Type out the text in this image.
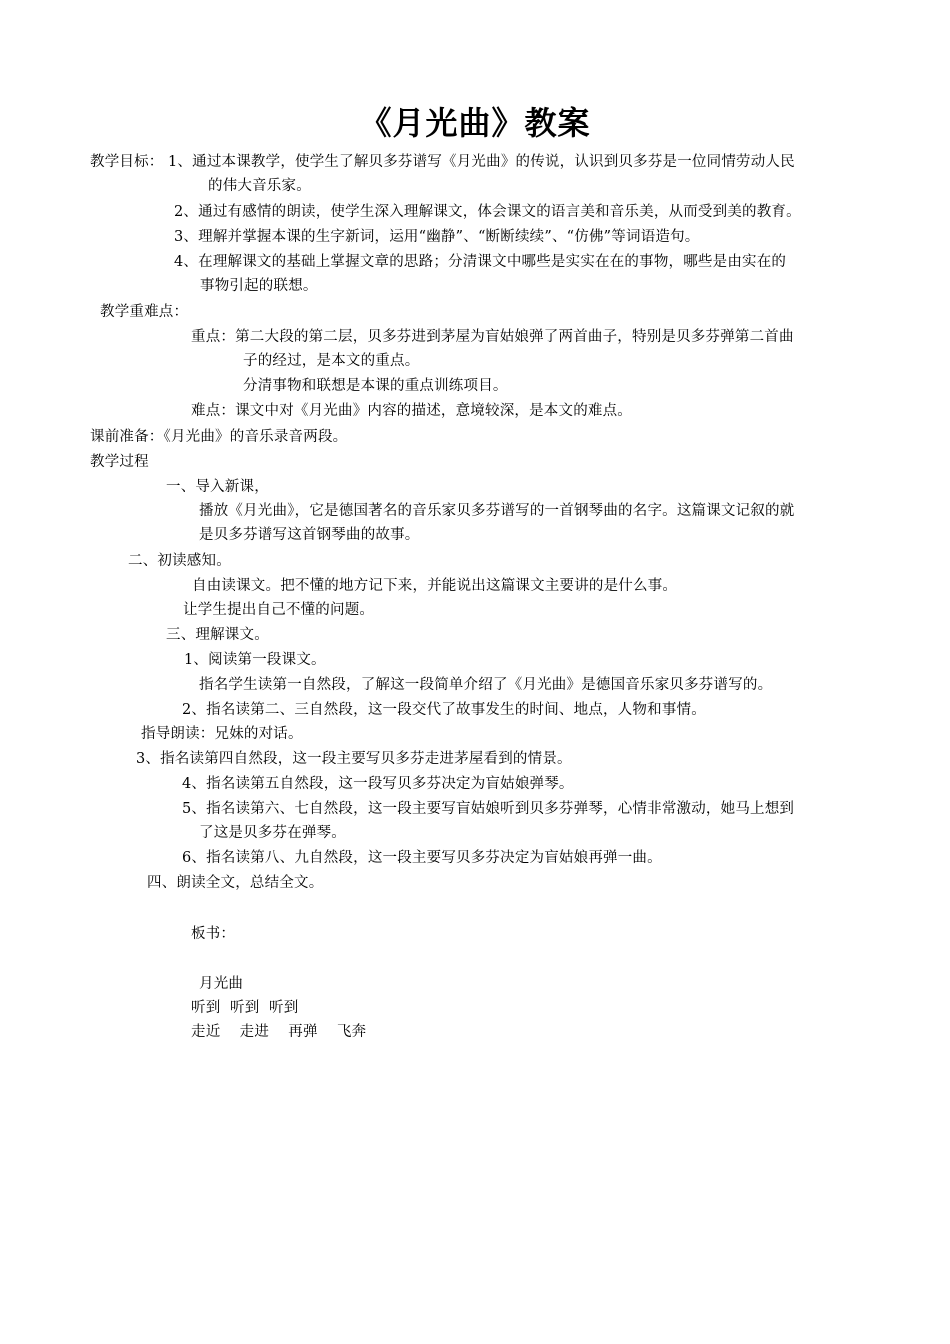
《月光曲》教案
教学目标： 1、通过本课教学，使学生了解贝多芬谱写《月光曲》的传说，认识到贝多芬是一位同情劳动人民
的伟大音乐家。
2、通过有感情的朗读，使学生深入理解课文，体会课文的语言美和音乐美，从而受到美的教育。
3、理解并掌握本课的生字新词，运用“幽静”、“断断续续”、“仿佛”等词语造句。
4、在理解课文的基础上掌握文章的思路；分清课文中哪些是实实在在的事物，哪些是由实在的
事物引起的联想。
教学重难点：
重点：第二大段的第二层，贝多芬进到茅屋为盲姑娘弹了两首曲子，特别是贝多芬弹第二首曲
子的经过，是本文的重点。
分清事物和联想是本课的重点训练项目。
难点：课文中对《月光曲》内容的描述，意境较深，是本文的难点。
课前准备：《月光曲》的音乐录音两段。
教学过程
一、导入新课，
播放《月光曲》，它是德国著名的音乐家贝多芬谱写的一首钢琴曲的名字。这篇课文记叙的就
是贝多芬谱写这首钢琴曲的故事。
二、初读感知。
自由读课文。把不懂的地方记下来，并能说出这篇课文主要讲的是什么事。
让学生提出自己不懂的问题。
三、理解课文。
1、阅读第一段课文。
指名学生读第一自然段，了解这一段简单介绍了《月光曲》是德国音乐家贝多芬谱写的。
2、指名读第二、三自然段，这一段交代了故事发生的时间、地点，人物和事情。
指导朗读：兄妹的对话。
3、指名读第四自然段，这一段主要写贝多芬走进茅屋看到的情景。
4、指名读第五自然段，这一段写贝多芬决定为盲姑娘弹琴。
5、指名读第六、七自然段，这一段主要写盲姑娘听到贝多芬弹琴，心情非常激动，她马上想到
了这是贝多芬在弹琴。
6、指名读第八、九自然段，这一段主要写贝多芬决定为盲姑娘再弹一曲。
四、朗读全文，总结全文。
板书：
月光曲
听到  听到  听到
走近    走进    再弹    飞奔
